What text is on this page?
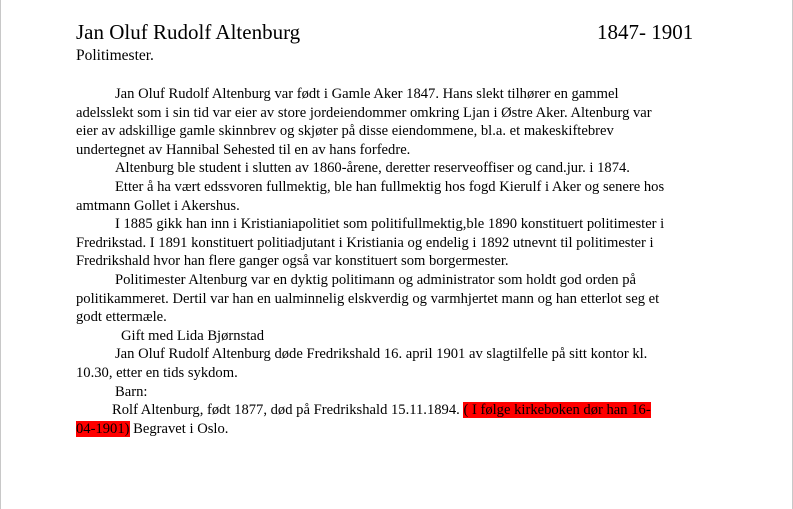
Jan Oluf Rudolf Altenburg	1847- 1901
Politimester.
Jan Oluf Rudolf Altenburg var født i Gamle Aker 1847. Hans slekt tilhører en gammel
adelsslekt som i sin tid var eier av store jordeiendommer omkring Ljan i Østre Aker. Altenburg var
eier av adskillige gamle skinnbrev og skjøter på disse eiendommene, bl.a. et makeskiftebrev
undertegnet av Hannibal Sehested til en av hans forfedre.
Altenburg ble student i slutten av 1860-årene, deretter reserveoffiser og cand.jur. i 1874.
Etter å ha vært edssvoren fullmektig, ble han fullmektig hos fogd Kierulf i Aker og senere hos
amtmann Gollet i Akershus.
I 1885 gikk han inn i Kristianiapolitiet som politifullmektig,ble 1890 konstituert politimester i
Fredrikstad. I 1891 konstituert politiadjutant i Kristiania og endelig i 1892 utnevnt til politimester i
Fredrikshald hvor han flere ganger også var konstituert som borgermester.
Politimester Altenburg var en dyktig politimann og administrator som holdt god orden på
politikammeret. Dertil var han en ualminnelig elskverdig og varmhjertet mann og han etterlot seg et
godt ettermæle.
Gift med Lida Bjørnstad
Jan Oluf Rudolf Altenburg døde Fredrikshald 16. april 1901 av slagtilfelle på sitt kontor kl.
10.30, etter en tids sykdom.
Barn:
Rolf Altenburg, født 1877, død på Fredrikshald 15.11.1894. ( I følge kirkeboken dør han 16-
04-1901) Begravet i Oslo.
